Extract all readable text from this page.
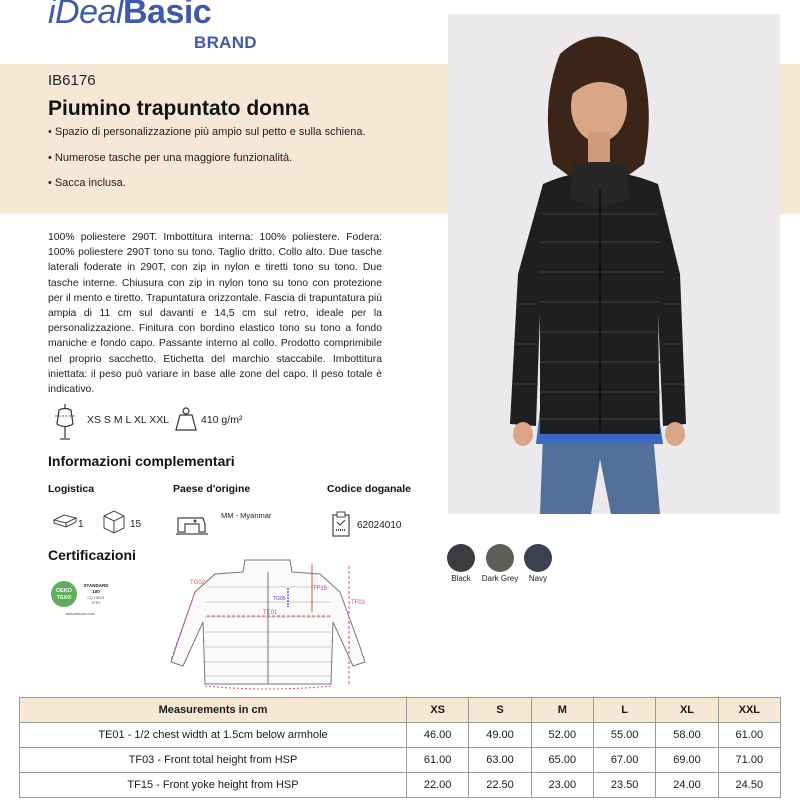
iDealBasic
BRAND
IB6176
Piumino trapuntato donna
• Spazio di personalizzazione più ampio sul petto e sulla schiena.
• Numerose tasche per una maggiore funzionalità.
• Sacca inclusa.
100% poliestere 290T. Imbottitura interna: 100% poliestere. Fodera: 100% poliestere 290T tono su tono. Taglio dritto. Collo alto. Due tasche laterali foderate in 290T, con zip in nylon e tiretti tono su tono. Due tasche interne. Chiusura con zip in nylon tono su tono con protezione per il mento e tiretto. Trapuntatura orizzontale. Fascia di trapuntatura più ampia di 11 cm sul davanti e 14,5 cm sul retro, ideale per la personalizzazione. Finitura con bordino elastico tono su tono a fondo maniche e fondo capo. Passante interno al collo. Prodotto comprimibile nel proprio sacchetto. Etichetta del marchio staccabile. Imbottitura iniettata: il peso può variare in base alle zone del capo. Il peso totale è indicativo.
XS S M L XL XXL	410 g/m²
Informazioni complementari
Logistica	Paese d'origine	Codice doganale
1	15
MM - Myanmar
62024010
Certificazioni
OEKO
TEX®
STANDARD
100
CQ 1067/4
IFTH
www.oeko-tex.com
TG02
TF15
TF03
TE01
TG05
Black	Dark Grey	Navy
Measurements in cm	XS	S	M	L	XL	XXL
TE01 - 1/2 chest width at 1.5cm below armhole	46.00	49.00	52.00	55.00	58.00	61.00
TF03 - Front total height from HSP	61.00	63.00	65.00	67.00	69.00	71.00
TF15 - Front yoke height from HSP	22.00	22.50	23.00	23.50	24.00	24.50
